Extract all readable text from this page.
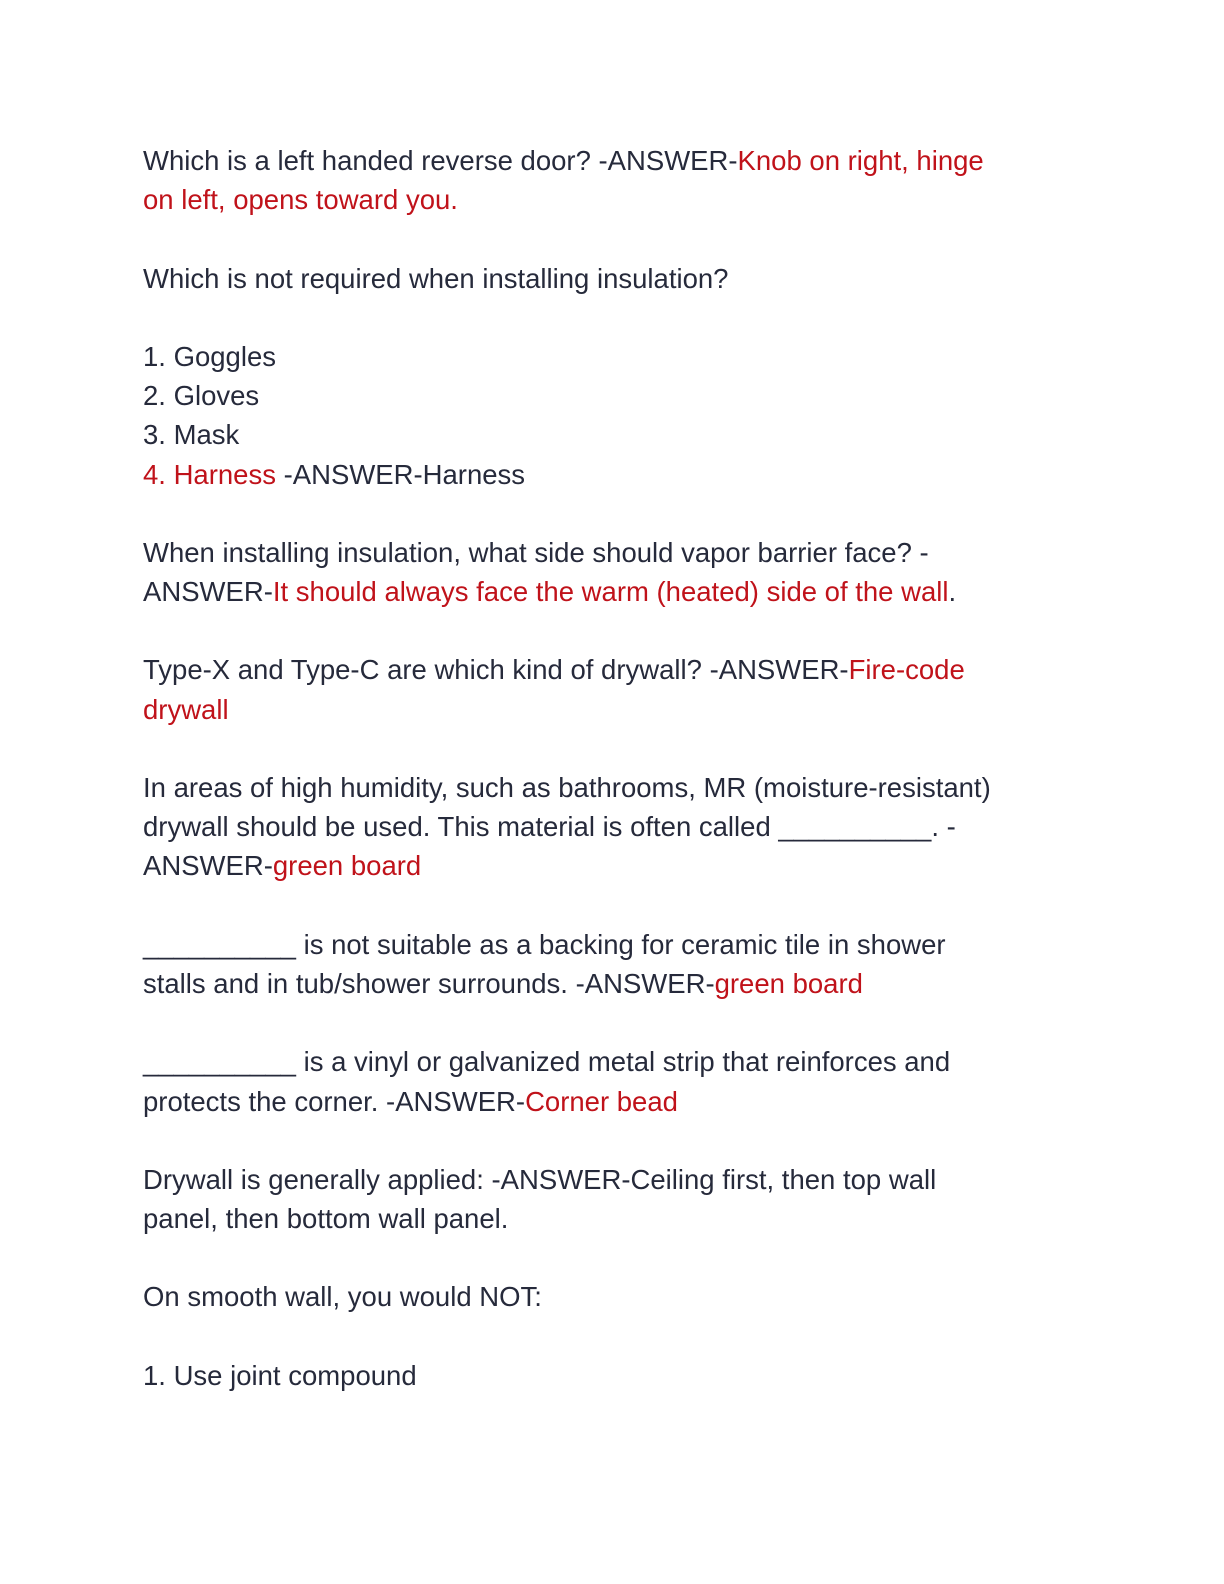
Which is a left handed reverse door? -ANSWER-Knob on right, hinge
on left, opens toward you.
Which is not required when installing insulation?
1. Goggles
2. Gloves
3. Mask
4. Harness -ANSWER-Harness
When installing insulation, what side should vapor barrier face? -
ANSWER-It should always face the warm (heated) side of the wall.
Type-X and Type-C are which kind of drywall? -ANSWER-Fire-code
drywall
In areas of high humidity, such as bathrooms, MR (moisture-resistant)
drywall should be used. This material is often called __________. -
ANSWER-green board
__________ is not suitable as a backing for ceramic tile in shower
stalls and in tub/shower surrounds. -ANSWER-green board
__________ is a vinyl or galvanized metal strip that reinforces and
protects the corner. -ANSWER-Corner bead
Drywall is generally applied: -ANSWER-Ceiling first, then top wall
panel, then bottom wall panel.
On smooth wall, you would NOT:
1. Use joint compound
